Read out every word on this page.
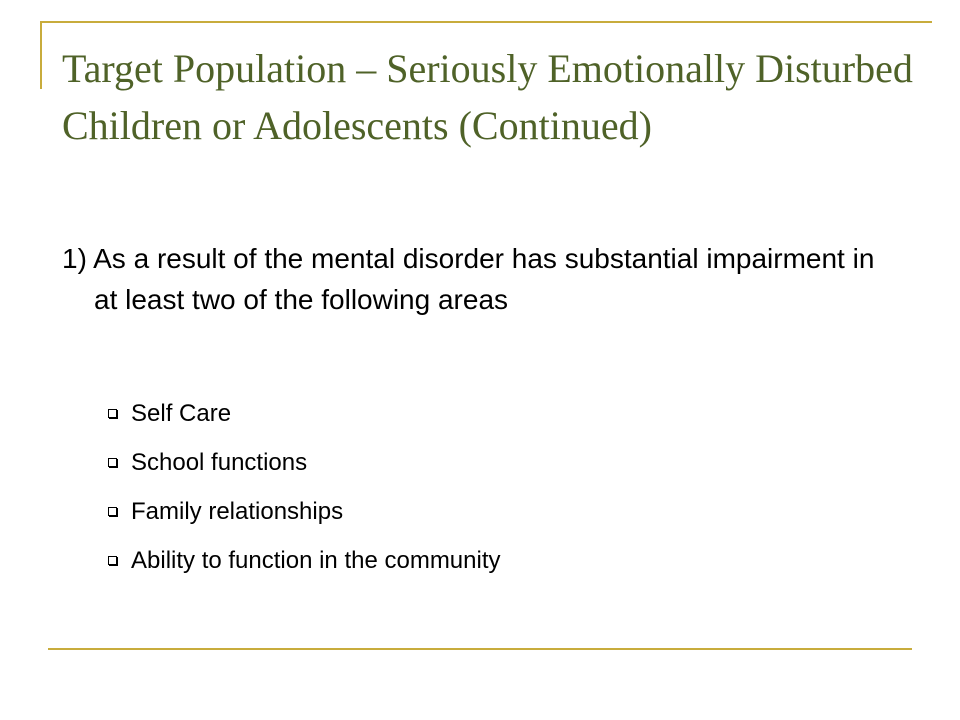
Target Population – Seriously Emotionally Disturbed Children or Adolescents (Continued)

1) As a result of the mental disorder has substantial impairment in at least two of the following areas

Self Care
School functions
Family relationships
Ability to function in the community
